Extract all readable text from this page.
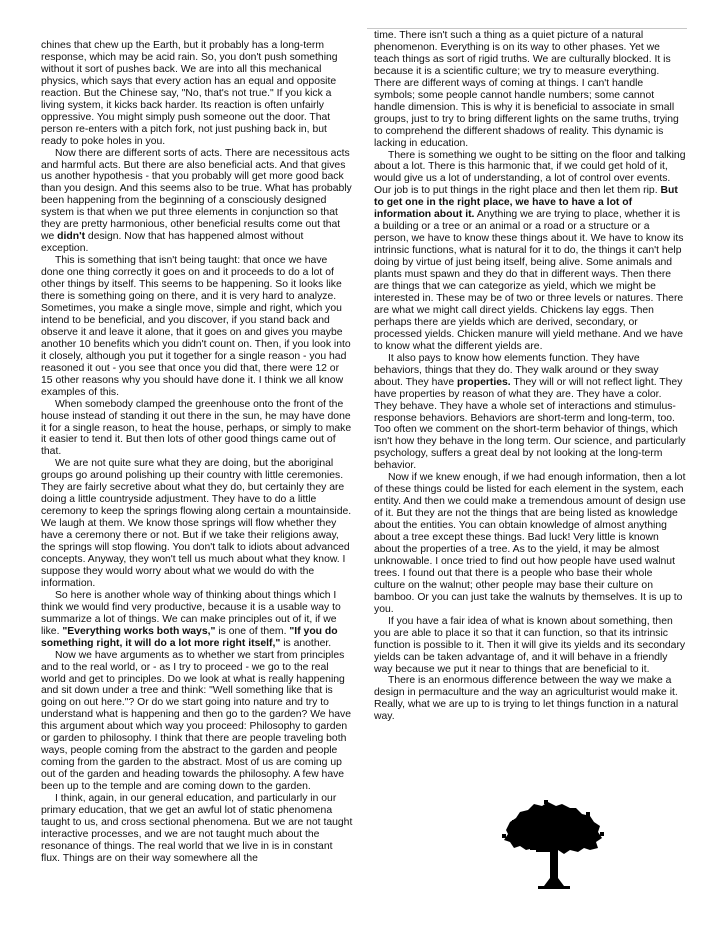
chines that chew up the Earth, but it probably has a long-term response, which may be acid rain. So, you don't push something without it sort of pushes back. We are into all this mechanical physics, which says that every action has an equal and opposite reaction. But the Chinese say, "No, that's not true." If you kick a living system, it kicks back harder. Its reaction is often unfairly oppressive. You might simply push someone out the door. That person re-enters with a pitch fork, not just pushing back in, but ready to poke holes in you.

Now there are different sorts of acts. There are necessitous acts and harmful acts. But there are also beneficial acts. And that gives us another hypothesis - that you probably will get more good back than you design. And this seems also to be true. What has probably been happening from the beginning of a consciously designed system is that when we put three elements in conjunction so that they are pretty harmonious, other beneficial results come out that we didn't design. Now that has happened almost without exception.

This is something that isn't being taught: that once we have done one thing correctly it goes on and it proceeds to do a lot of other things by itself. This seems to be happening. So it looks like there is something going on there, and it is very hard to analyze. Sometimes, you make a single move, simple and right, which you intend to be beneficial, and you discover, if you stand back and observe it and leave it alone, that it goes on and gives you maybe another 10 benefits which you didn't count on. Then, if you look into it closely, although you put it together for a single reason - you had reasoned it out - you see that once you did that, there were 12 or 15 other reasons why you should have done it. I think we all know examples of this.

When somebody clamped the greenhouse onto the front of the house instead of standing it out there in the sun, he may have done it for a single reason, to heat the house, perhaps, or simply to make it easier to tend it. But then lots of other good things came out of that.

We are not quite sure what they are doing, but the aboriginal groups go around polishing up their country with little ceremonies. They are fairly secretive about what they do, but certainly they are doing a little countryside adjustment. They have to do a little ceremony to keep the springs flowing along certain a mountainside. We laugh at them. We know those springs will flow whether they have a ceremony there or not. But if we take their religions away, the springs will stop flowing. You don't talk to idiots about advanced concepts. Anyway, they won't tell us much about what they know. I suppose they would worry about what we would do with the information.

So here is another whole way of thinking about things which I think we would find very productive, because it is a usable way to summarize a lot of things. We can make principles out of it, if we like. "Everything works both ways," is one of them. "If you do something right, it will do a lot more right itself," is another.

Now we have arguments as to whether we start from principles and to the real world, or - as I try to proceed - we go to the real world and get to principles. Do we look at what is really happening and sit down under a tree and think: "Well something like that is going on out here."? Or do we start going into nature and try to understand what is happening and then go to the garden? We have this argument about which way you proceed: Philosophy to garden or garden to philosophy. I think that there are people traveling both ways, people coming from the abstract to the garden and people coming from the garden to the abstract. Most of us are coming up out of the garden and heading towards the philosophy. A few have been up to the temple and are coming down to the garden.

I think, again, in our general education, and particularly in our primary education, that we get an awful lot of static phenomena taught to us, and cross sectional phenomena. But we are not taught interactive processes, and we are not taught much about the resonance of things. The real world that we live in is in constant flux. Things are on their way somewhere all the

time. There isn't such a thing as a quiet picture of a natural phenomenon. Everything is on its way to other phases. Yet we teach things as sort of rigid truths. We are culturally blocked. It is because it is a scientific culture; we try to measure everything. There are different ways of coming at things. I can't handle symbols; some people cannot handle numbers; some cannot handle dimension. This is why it is beneficial to associate in small groups, just to try to bring different lights on the same truths, trying to comprehend the different shadows of reality. This dynamic is lacking in education.

There is something we ought to be sitting on the floor and talking about a lot. There is this harmonic that, if we could get hold of it, would give us a lot of understanding, a lot of control over events. Our job is to put things in the right place and then let them rip. But to get one in the right place, we have to have a lot of information about it. Anything we are trying to place, whether it is a building or a tree or an animal or a road or a structure or a person, we have to know these things about it. We have to know its intrinsic functions, what is natural for it to do, the things it can't help doing by virtue of just being itself, being alive. Some animals and plants must spawn and they do that in different ways. Then there are things that we can categorize as yield, which we might be interested in. These may be of two or three levels or natures. There are what we might call direct yields. Chickens lay eggs. Then perhaps there are yields which are derived, secondary, or processed yields. Chicken manure will yield methane. And we have to know what the different yields are.

It also pays to know how elements function. They have behaviors, things that they do. They walk around or they sway about. They have properties. They will or will not reflect light. They have properties by reason of what they are. They have a color. They behave. They have a whole set of interactions and stimulus-response behaviors. Behaviors are short-term and long-term, too. Too often we comment on the short-term behavior of things, which isn't how they behave in the long term. Our science, and particularly psychology, suffers a great deal by not looking at the long-term behavior.

Now if we knew enough, if we had enough information, then a lot of these things could be listed for each element in the system, each entity. And then we could make a tremendous amount of design use of it. But they are not the things that are being listed as knowledge about the entities. You can obtain knowledge of almost anything about a tree except these things. Bad luck! Very little is known about the properties of a tree. As to the yield, it may be almost unknowable. I once tried to find out how people have used walnut trees. I found out that there is a people who base their whole culture on the walnut; other people may base their culture on bamboo. Or you can just take the walnuts by themselves. It is up to you.

If you have a fair idea of what is known about something, then you are able to place it so that it can function, so that its intrinsic function is possible to it. Then it will give its yields and its secondary yields can be taken advantage of, and it will behave in a friendly way because we put it near to things that are beneficial to it.

There is an enormous difference between the way we make a design in permaculture and the way an agriculturist would make it. Really, what we are up to is trying to let things function in a natural way.
